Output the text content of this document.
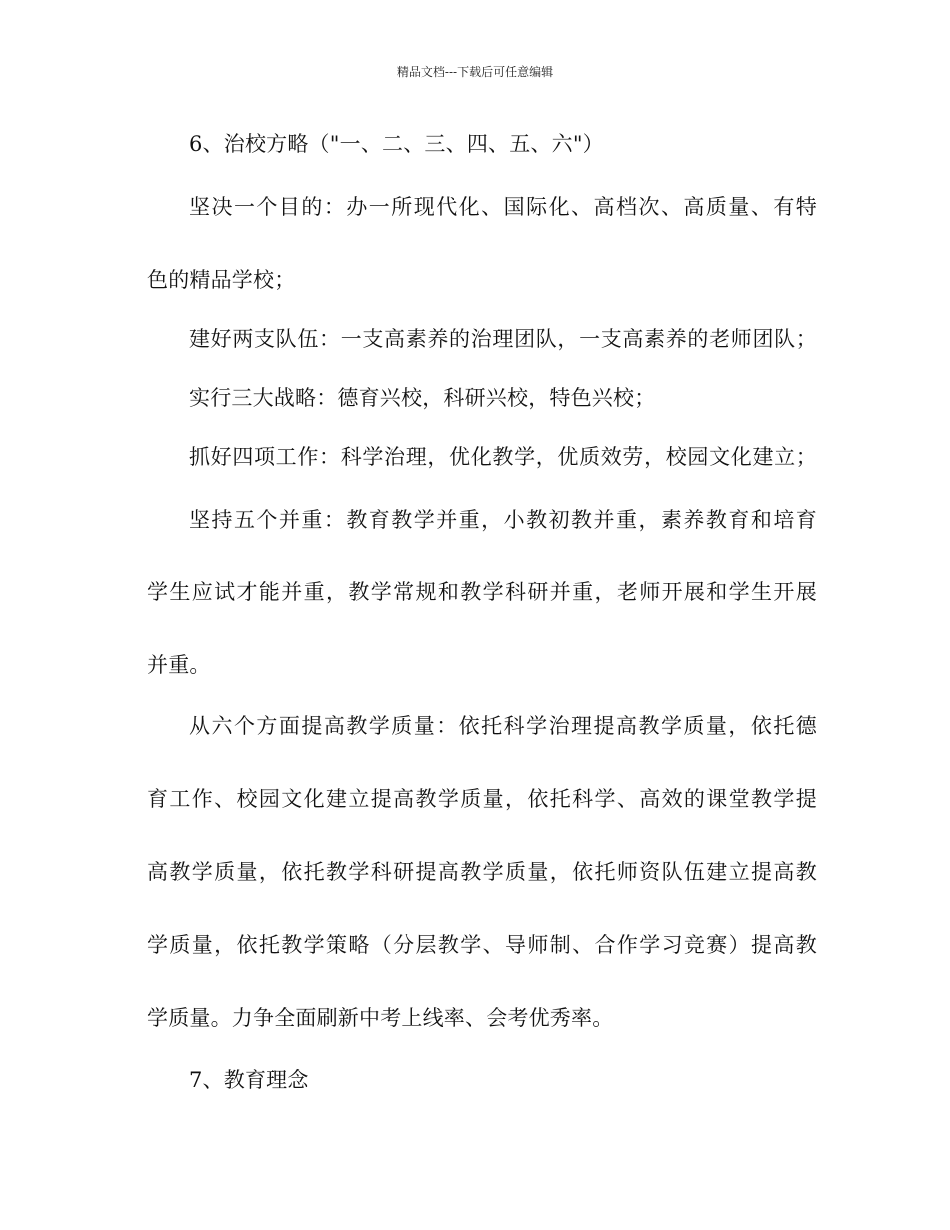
精品文档---下载后可任意编辑
6、治校方略（"一、二、三、四、五、六"）
坚决一个目的：办一所现代化、国际化、高档次、高质量、有特
色的精品学校；
建好两支队伍：一支高素养的治理团队，一支高素养的老师团队；
实行三大战略：德育兴校，科研兴校，特色兴校；
抓好四项工作：科学治理，优化教学，优质效劳，校园文化建立；
坚持五个并重：教育教学并重，小教初教并重，素养教育和培育
学生应试才能并重，教学常规和教学科研并重，老师开展和学生开展
并重。
从六个方面提高教学质量：依托科学治理提高教学质量，依托德
育工作、校园文化建立提高教学质量，依托科学、高效的课堂教学提
高教学质量，依托教学科研提高教学质量，依托师资队伍建立提高教
学质量，依托教学策略（分层教学、导师制、合作学习竞赛）提高教
学质量。力争全面刷新中考上线率、会考优秀率。
7、教育理念
